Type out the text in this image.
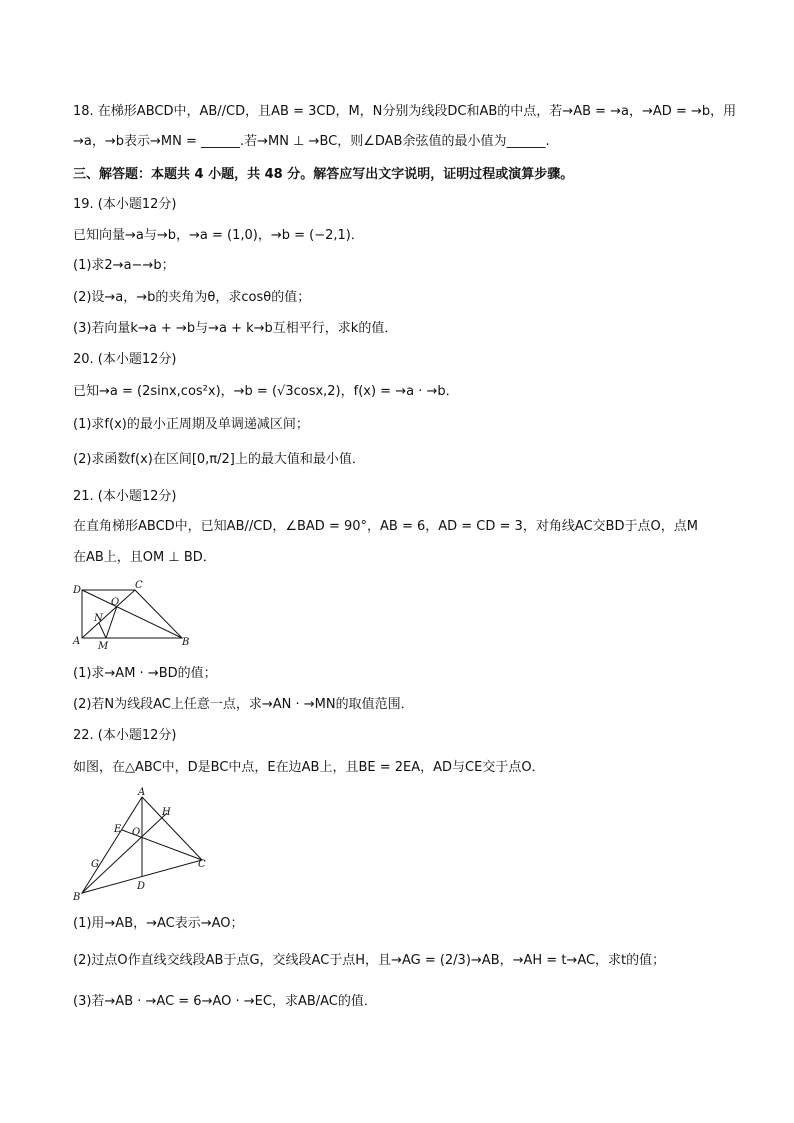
18. 在梯形ABCD中，AB//CD，且AB = 3CD，M，N分别为线段DC和AB的中点，若→AB = →a，→AD = →b，用
→a，→b表示→MN = ______.若→MN ⊥ →BC，则∠DAB余弦值的最小值为______.
三、解答题：本题共 4 小题，共 48 分。解答应写出文字说明，证明过程或演算步骤。
19. (本小题12分)
已知向量→a与→b，→a = (1,0)，→b = (−2,1)．
(1)求2→a−→b；
(2)设→a，→b的夹角为θ，求cosθ的值；
(3)若向量k→a + →b与→a + k→b互相平行，求k的值．
20. (本小题12分)
已知→a = (2sinx,cos²x)，→b = (√3cosx,2)，f(x) = →a · →b．
(1)求f(x)的最小正周期及单调递减区间；
(2)求函数f(x)在区间[0,π/2]上的最大值和最小值．
21. (本小题12分)
在直角梯形ABCD中，已知AB//CD，∠BAD = 90°，AB = 6，AD = CD = 3，对角线AC交BD于点O，点M
在AB上，且OM ⊥ BD．
D	C
O
N
A M	B
(1)求→AM · →BD的值；
(2)若N为线段AC上任意一点，求→AN · →MN的取值范围．
22. (本小题12分)
如图，在△ABC中，D是BC中点，E在边AB上，且BE = 2EA，AD与CE交于点O．
A
H
E O
G	C
D
B
(1)用→AB，→AC表示→AO；
(2)过点O作直线交线段AB于点G，交线段AC于点H，且→AG = (2/3)→AB，→AH = t→AC，求t的值；
(3)若→AB · →AC = 6→AO · →EC，求AB/AC的值．
